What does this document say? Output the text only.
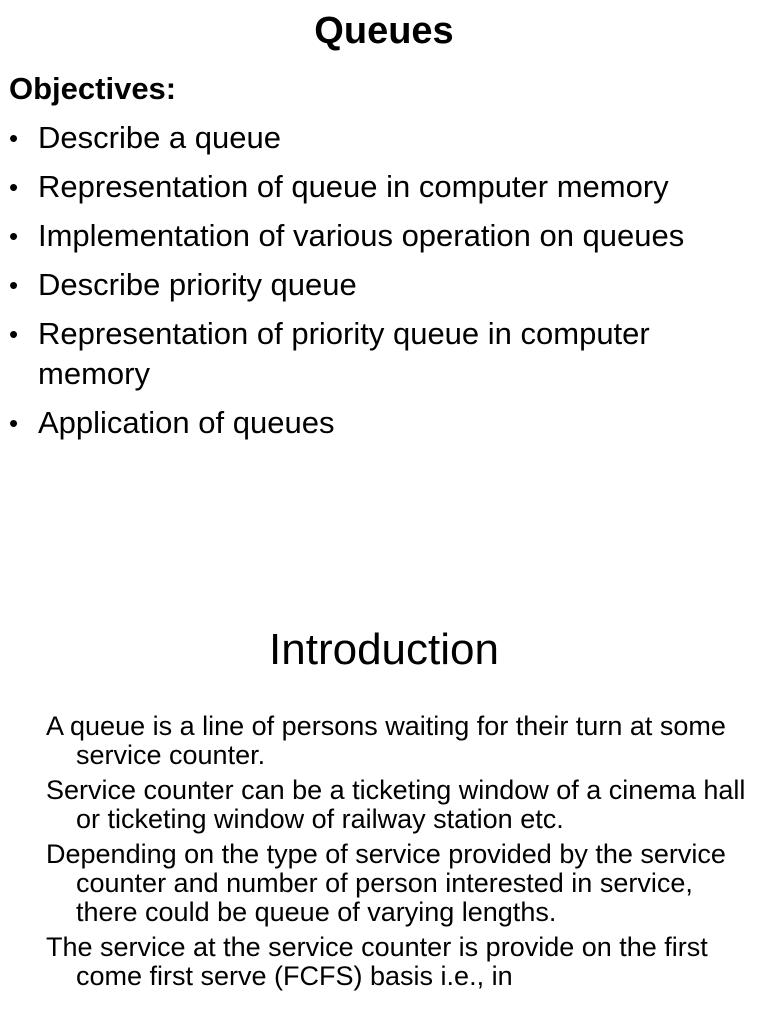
Queues
Objectives:
• Describe a queue
• Representation of queue in computer memory
• Implementation of various operation on queues
• Describe priority queue
• Representation of priority queue in computer memory
• Application of queues
Introduction

A queue is a line of persons waiting for their turn at some service counter.

Service counter can be a ticketing window of a cinema hall or ticketing window of railway station etc.

Depending on the type of service provided by the service counter and number of person interested in service, there could be queue of varying lengths.

The service at the service counter is provide on the first come first serve (FCFS) basis i.e., in
